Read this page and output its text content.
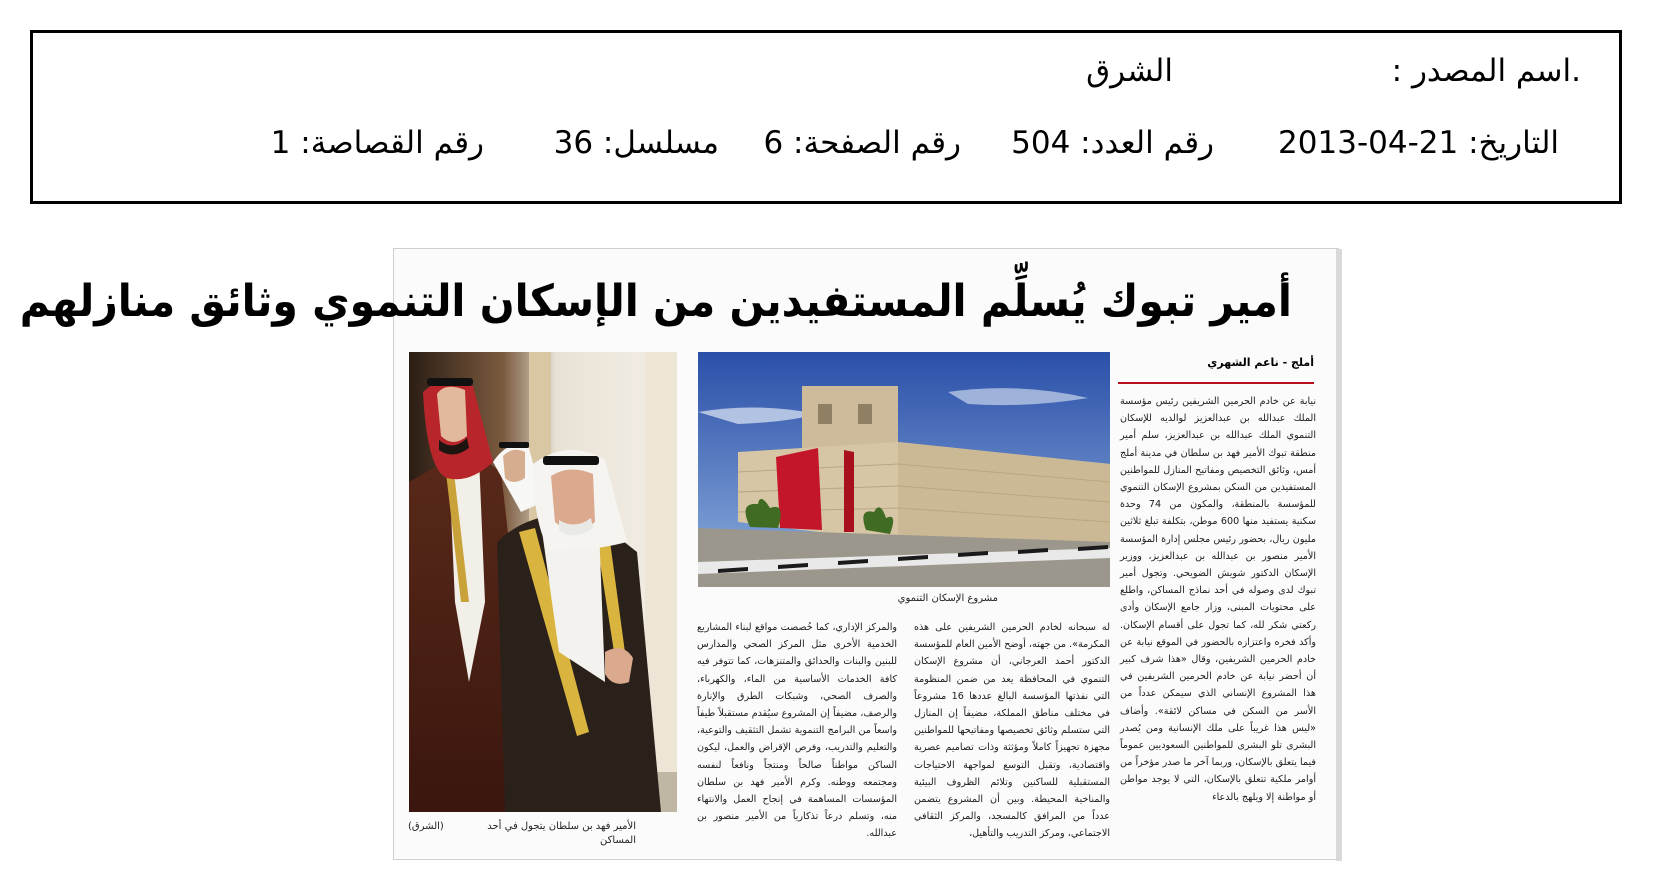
.اسم المصدر :
الشرق
التاريخ: 21-04-2013
رقم العدد: 504
رقم الصفحة: 6
مسلسل: 36
رقم القصاصة: 1
أمير تبوك يُسلِّم المستفيدين من الإسكان التنموي وثائق منازلهم
أملج - ناعم الشهري
مشروع الإسكان التنموي
الأمير فهد بن سلطان يتجول في أحد المساكن
(الشرق)
نيابة عن خادم الحرمين الشريفين رئيس مؤسسة الملك عبدالله بن عبدالعزيز لوالديه للإسكان التنموي الملك عبدالله بن عبدالعزيز، سلم أمير منطقة تبوك الأمير فهد بن سلطان في مدينة أملج أمس، وثائق التخصيص ومفاتيح المنازل للمواطنين المستفيدين من السكن بمشروع الإسكان التنموي للمؤسسة بالمنطقة، والمكون من 74 وحدة سكنية يستفيد منها 600 موطن، بتكلفة تبلغ ثلاثين مليون ريال، بحضور رئيس مجلس إدارة المؤسسة الأمير منصور بن عبدالله بن عبدالعزيز، ووزير الإسكان الدكتور شويش الضويحي. وتجول أمير تبوك لدى وصوله في أحد نماذج المساكن، واطلع على محتويات المبنى، وزار جامع الإسكان وأدى ركعتي شكر لله، كما تجول على أقسام الإسكان. وأكد فخره واعتزازه بالحضور في الموقع نيابة عن خادم الحرمين الشريفين، وقال «هذا شرف كبير أن أحضر نيابة عن خادم الحرمين الشريفين في هذا المشروع الإنساني الذي سيمكن عدداً من الأسر من السكن في مساكن لائقة». وأضاف «ليس هذا غريباً على ملك الإنسانية ومن يُصدر البشرى تلو البشرى للمواطنين السعوديين عموماً فيما يتعلق بالإسكان، وربما آخر ما صدر مؤخراً من أوامر ملكية تتعلق بالإسكان، التي لا يوجد مواطن أو مواطنة إلا ويلهج بالدعاء
له سبحانه لخادم الحرمين الشريفين على هذه المكرمة». من جهته، أوضح الأمين العام للمؤسسة الدكتور أحمد العرجاني، أن مشروع الإسكان التنموي في المحافظة يعد من ضمن المنظومة التي نفذتها المؤسسة البالغ عددها 16 مشروعاً في مختلف مناطق المملكة، مضيفاً إن المنازل التي ستسلم وثائق تخصيصها ومفاتيحها للمواطنين مجهزة تجهيزاً كاملاً ومؤثثة وذات تصاميم عصرية واقتصادية، وتقبل التوسع لمواجهة الاحتياجات المستقبلية للساكنين وتلائم الظروف البيئية والمناخية المحيطة. وبين أن المشروع يتضمن عدداً من المرافق كالمسجد، والمركز الثقافي الاجتماعي، ومركز التدريب والتأهيل،
والمركز الإداري، كما خُصصت مواقع لبناء المشاريع الخدمية الأخرى مثل المركز الصحي والمدارس للبنين والبنات والحدائق والمتنزهات، كما تتوفر فيه كافة الخدمات الأساسية من الماء، والكهرباء، والصرف الصحي، وشبكات الطرق والإنارة والرصف، مضيفاً إن المشروع سيُقدم مستقبلاً طيفاً واسعاً من البرامج التنموية تشمل التثقيف والتوعية، والتعليم والتدريب، وفرص الإقراض والعمل، ليكون الساكن مواطناً صالحاً ومنتجاً ونافعاً لنفسه ومجتمعه ووطنه. وكرم الأمير فهد بن سلطان المؤسسات المساهمة في إنجاح العمل والانتهاء منه، وتسلم درعاً تذكارياً من الأمير منصور بن عبدالله.
